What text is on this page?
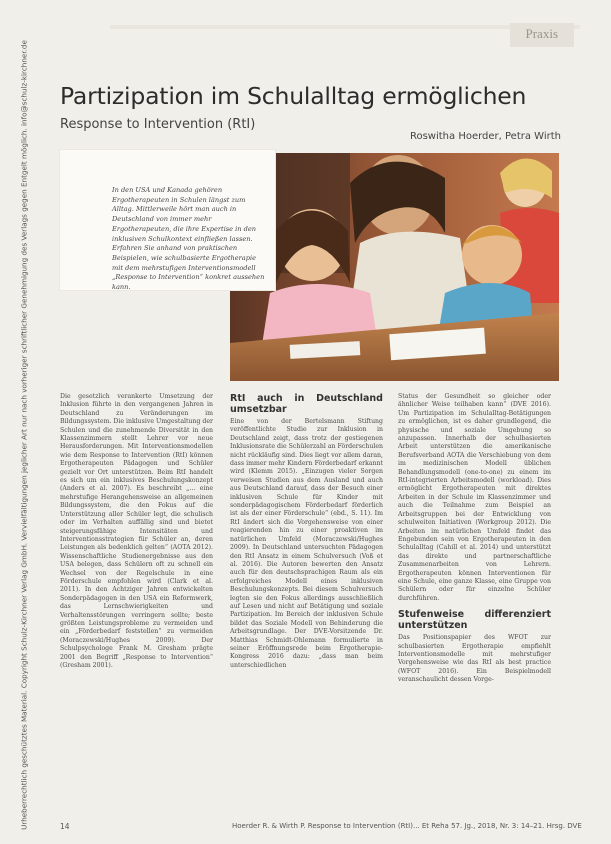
Urheberrechtlich geschütztes Material. Copyright Schulz-Kirchner Verlag GmbH. Vervielfältigungen jeglicher Art nur nach vorheriger schriftlicher Genehmigung des Verlags gegen Entgelt möglich. info@schulz-kirchner.de
Praxis
Partizipation im Schulalltag ermöglichen
Response to Intervention (RtI)
Roswitha Hoerder, Petra Wirth
In den USA und Kanada gehören Ergotherapeuten in Schulen längst zum Alltag. Mittlerweile hört man auch in Deutschland von immer mehr Ergotherapeuten, die ihre Expertise in den inklusiven Schulkontext einfließen lassen. Erfahren Sie anhand von praktischen Beispielen, wie schulbasierte Ergotherapie mit dem mehrstufigen Interventionsmodell „Response to Intervention“ konkret aussehen kann.

Die gesetzlich verankerte Umsetzung der Inklusion führte in den vergangenen Jahren in Deutschland zu Veränderungen im Bildungssystem. Die inklusive Umgestaltung der Schulen und die zunehmende Diversität in den Klassenzimmern stellt Lehrer vor neue Herausforderungen. Mit Interventionsmodellen wie dem Response to Intervention (RtI) können Ergotherapeuten Pädagogen und Schüler gezielt vor Ort unterstützen. Beim RtI handelt es sich um ein inklusives Beschulungskonzept (Anders et al. 2007). Es beschreibt „... eine mehrstufige Herangehensweise an allgemeinen Bildungssystem, die den Fokus auf die Unterstützung aller Schüler legt, die schulisch oder im Verhalten auffällig sind und bietet steigerungsfähige Intensitäten und Interventionsstrategien für Schüler an, deren Leistungen als bedenklich gelten“ (AOTA 2012). Wissenschaftliche Studienergebnisse aus den USA belegen, dass Schülern oft zu schnell ein Wechsel von der Regelschule in eine Förderschule empfohlen wird (Clark et al. 2011). In den Achtziger Jahren entwickelten Sonderpädagogen in den USA ein Reformwerk, das Lernschwierigkeiten und Verhaltensstörungen verringern sollte; beste größten Leistungsprobleme zu vermeiden und ein „Förderbedarf feststellen“ zu vermeiden (Moraczewski/Hughes 2009). Der Schulpsychologe Frank M. Gresham prägte 2001 den Begriff „Response to Intervention“ (Gresham 2001).

RtI auch in Deutschland umsetzbar

Eine von der Bertelsmann Stiftung veröffentlichte Studie zur Inklusion in Deutschland zeigt, dass trotz der gestiegenen Inklusionsrate die Schülerzahl an Förderschulen nicht rückläufig sind. Dies liegt vor allem daran, dass immer mehr Kindern Förderbedarf erkannt wird (Klemm 2015). „Einzugen vieler Sorgen verweisen Studien aus dem Ausland und auch aus Deutschland darauf, dass der Besuch einer inklusiven Schule für Kinder mit sonderpädagogischem Förderbedarf förderlich ist als der einer Förderschule“ (ebd., S. 11). Im RtI ändert sich die Vorgehensweise von einer reagierenden hin zu einer proaktiven im natürlichen Umfeld (Moraczewski/Hughes 2009). In Deutschland untersuchten Pädagogen den RtI Ansatz in einem Schulversuch (Voß et al. 2016). Die Autoren bewerten den Ansatz auch für den deutschsprachigen Raum als ein erfolgreiches Modell eines inklusiven Beschulungskonzepts. Bei diesem Schulversuch legten sie den Fokus allerdings ausschließlich auf Lesen und nicht auf Betätigung und soziale Partizipation. Im Bereich der inklusiven Schule bildet das Soziale Modell von Behinderung die Arbeitsgrundlage. Der DVE-Vorsitzende Dr. Matthias Schmidt-Ohlemann formulierte in seiner Eröffnungsrede beim Ergotherapie-Kongress 2016 dazu: „dass man beim unterschiedlichen

Status der Gesundheit so gleicher oder ähnlicher Weise teilhaben kann“ (DVE 2016). Um Partizipation im Schulalltag-Betätigungen zu ermöglichen, ist es daher grundlegend, die physische und soziale Umgebung so anzupassen. Innerhalb der schulbasierten Arbeit unterstützen die amerikanische Berufsverband AOTA die Verschiebung von dem im medizinischen Modell üblichen Behandlungsmodell (one-to-one) zu einem im RtI-integrierten Arbeitsmodell (workload). Dies ermöglicht Ergotherapeuten mit direktes Arbeiten in der Schule im Klassenzimmer und auch die Teilnahme zum Beispiel an Arbeitsgruppen bei der Entwicklung von schulweiten Initiativen (Workgroup 2012). Die Arbeiten im natürlichen Umfeld findet das Engebunden sein von Ergotherapeuten in den Schulalltag (Cahill et al. 2014) und unterstützt das direkte und partnerschaftliche Zusammenarbeiten von Lehrern. Ergotherapeuten können Interventionen für eine Schule, eine ganze Klasse, eine Gruppe von Schülern oder für einzelne Schüler durchführen.

Stufenweise differenziert unterstützen

Das Positionspapier des WFOT zur schulbasierten Ergotherapie empfiehlt Interventionsmodelle mit mehrstufiger Vorgehensweise wie das RtI als best practice (WFOT 2016). Ein Beispielmodell veranschaulicht dessen Vorge-

14	Hoerder R. & Wirth P. Response to Intervention (RtI)... Et Reha 57. Jg., 2018, Nr. 3: 14–21. Hrsg. DVE
